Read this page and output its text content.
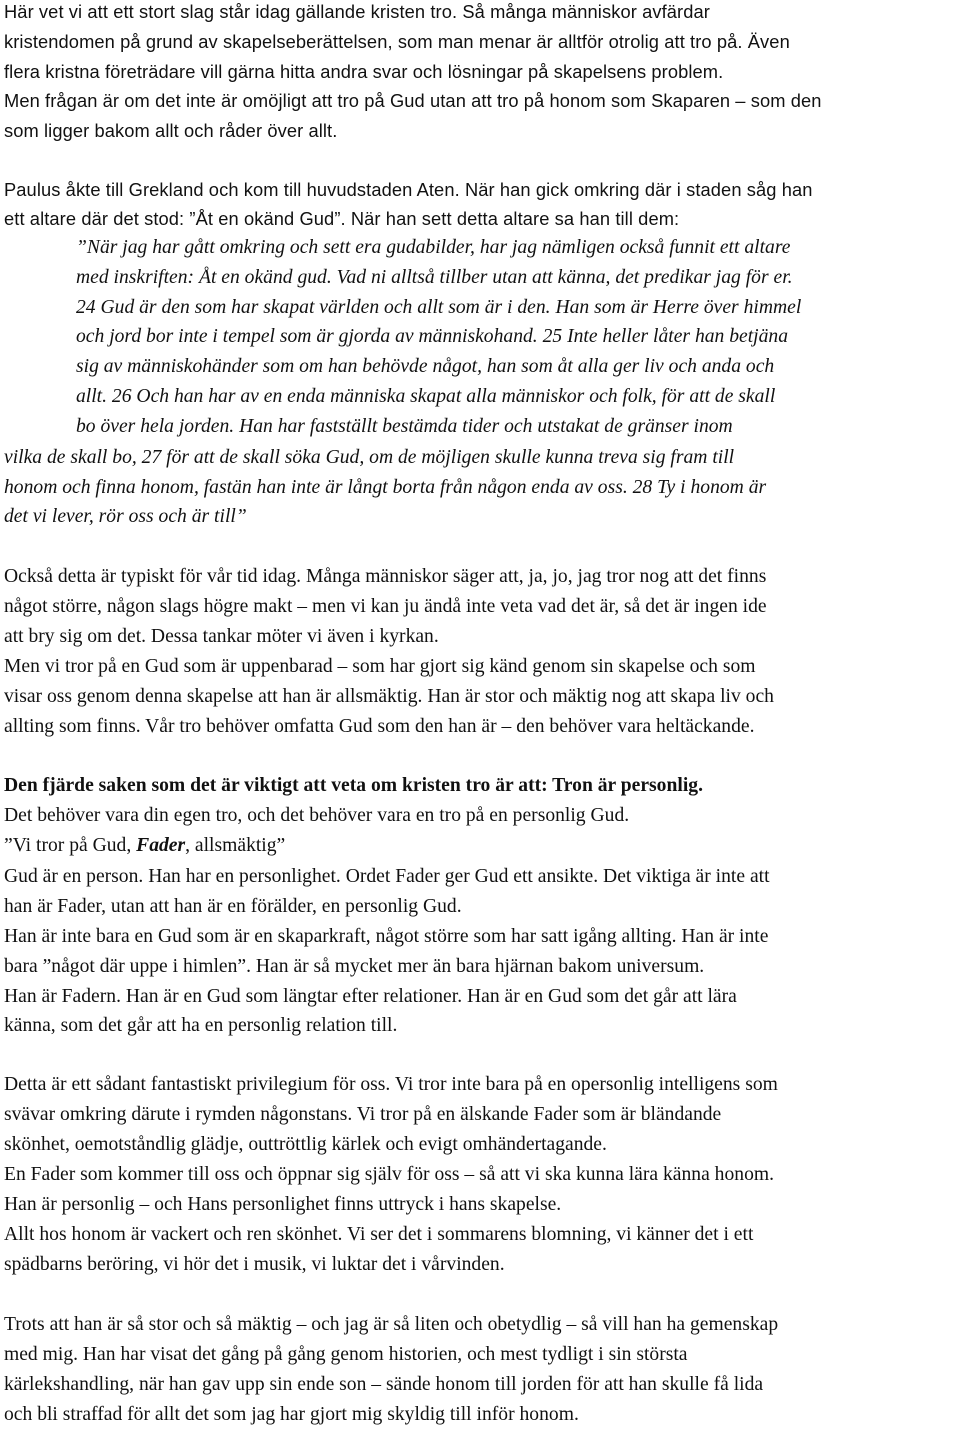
Här vet vi att ett stort slag står idag gällande kristen tro. Så många människor avfärdar
kristendomen på grund av skapelseberättelsen, som man menar är alltför otrolig att tro på. Även
flera kristna företrädare vill gärna hitta andra svar och lösningar på skapelsens problem.
Men frågan är om det inte är omöjligt att tro på Gud utan att tro på honom som Skaparen – som den
som ligger bakom allt och råder över allt.
Paulus åkte till Grekland och kom till huvudstaden Aten. När han gick omkring där i staden såg han
ett altare där det stod: ”Åt en okänd Gud”. När han sett detta altare sa han till dem:
”När jag har gått omkring och sett era gudabilder, har jag nämligen också funnit ett altare
med inskriften: Åt en okänd gud. Vad ni alltså tillber utan att känna, det predikar jag för er.
24 Gud är den som har skapat världen och allt som är i den. Han som är Herre över himmel
och jord bor inte i tempel som är gjorda av människohand. 25 Inte heller låter han betjäna
sig av människohänder som om han behövde något, han som åt alla ger liv och anda och
allt. 26 Och han har av en enda människa skapat alla människor och folk, för att de skall
bo över hela jorden. Han har fastställt bestämda tider och utstakat de gränser inom
vilka de skall bo, 27 för att de skall söka Gud, om de möjligen skulle kunna treva sig fram till
honom och finna honom, fastän han inte är långt borta från någon enda av oss. 28 Ty i honom är
det vi lever, rör oss och är till”
Också detta är typiskt för vår tid idag. Många människor säger att, ja, jo, jag tror nog att det finns
något större, någon slags högre makt – men vi kan ju ändå inte veta vad det är, så det är ingen ide
att bry sig om det. Dessa tankar möter vi även i kyrkan.
Men vi tror på en Gud som är uppenbarad – som har gjort sig känd genom sin skapelse och som
visar oss genom denna skapelse att han är allsmäktig. Han är stor och mäktig nog att skapa liv och
allting som finns. Vår tro behöver omfatta Gud som den han är – den behöver vara heltäckande.
Den fjärde saken som det är viktigt att veta om kristen tro är att: Tron är personlig.
Det behöver vara din egen tro, och det behöver vara en tro på en personlig Gud.
”Vi tror på Gud, Fader, allsmäktig”
Gud är en person. Han har en personlighet. Ordet Fader ger Gud ett ansikte. Det viktiga är inte att
han är Fader, utan att han är en förälder, en personlig Gud.
Han är inte bara en Gud som är en skaparkraft, något större som har satt igång allting. Han är inte
bara ”något där uppe i himlen”. Han är så mycket mer än bara hjärnan bakom universum.
Han är Fadern. Han är en Gud som längtar efter relationer. Han är en Gud som det går att lära
känna, som det går att ha en personlig relation till.
Detta är ett sådant fantastiskt privilegium för oss. Vi tror inte bara på en opersonlig intelligens som
svävar omkring därute i rymden någonstans. Vi tror på en älskande Fader som är bländande
skönhet, oemotståndlig glädje, outtröttlig kärlek och evigt omhändertagande.
En Fader som kommer till oss och öppnar sig själv för oss – så att vi ska kunna lära känna honom.
Han är personlig – och Hans personlighet finns uttryck i hans skapelse.
Allt hos honom är vackert och ren skönhet. Vi ser det i sommarens blomning, vi känner det i ett
spädbarns beröring, vi hör det i musik, vi luktar det i vårvinden.
Trots att han är så stor och så mäktig – och jag är så liten och obetydlig – så vill han ha gemenskap
med mig. Han har visat det gång på gång genom historien, och mest tydligt i sin största
kärlekshandling, när han gav upp sin ende son – sände honom till jorden för att han skulle få lida
och bli straffad för allt det som jag har gjort mig skyldig till inför honom.
